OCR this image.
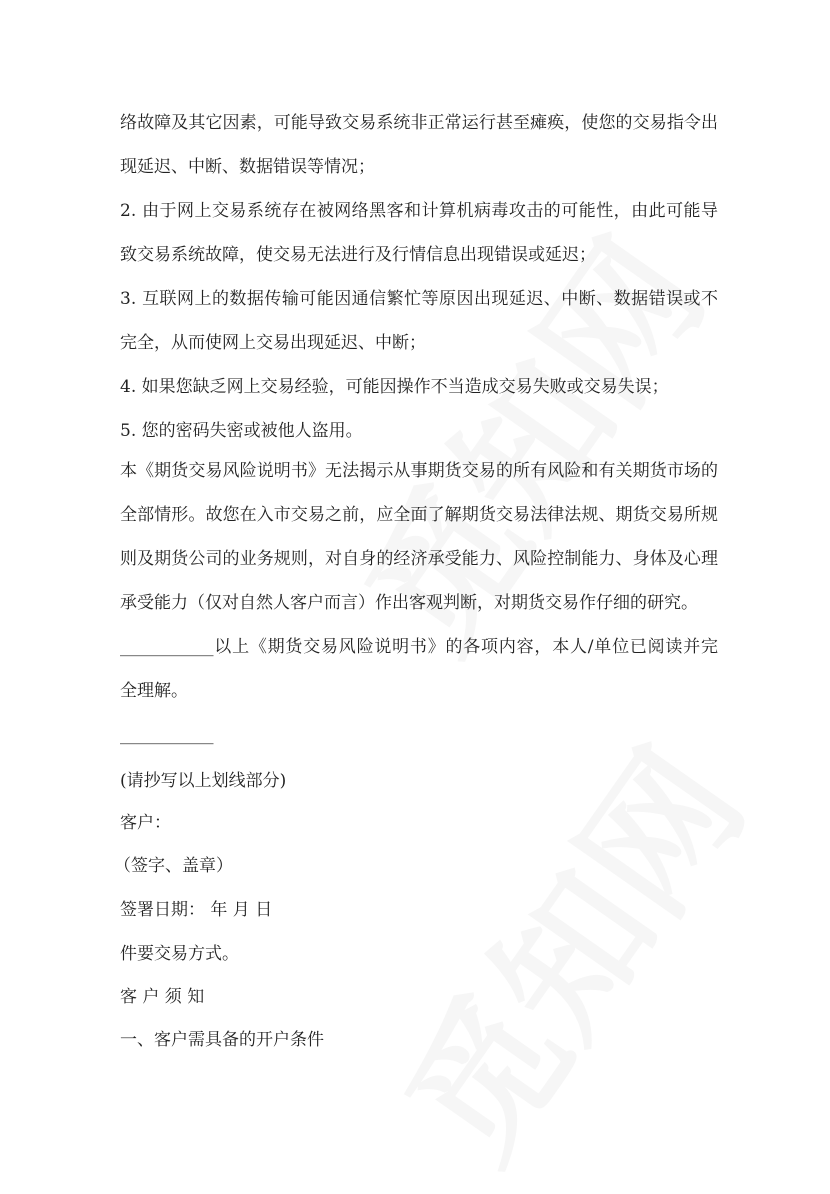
络故障及其它因素，可能导致交易系统非正常运行甚至瘫痪，使您的交易指令出
现延迟、中断、数据错误等情况；
2. 由于网上交易系统存在被网络黑客和计算机病毒攻击的可能性，由此可能导
致交易系统故障，使交易无法进行及行情信息出现错误或延迟；
3. 互联网上的数据传输可能因通信繁忙等原因出现延迟、中断、数据错误或不
完全，从而使网上交易出现延迟、中断；
4. 如果您缺乏网上交易经验，可能因操作不当造成交易失败或交易失误；
5. 您的密码失密或被他人盗用。
本《期货交易风险说明书》无法揭示从事期货交易的所有风险和有关期货市场的
全部情形。故您在入市交易之前，应全面了解期货交易法律法规、期货交易所规
则及期货公司的业务规则，对自身的经济承受能力、风险控制能力、身体及心理
承受能力（仅对自然人客户而言）作出客观判断，对期货交易作仔细的研究。
___________以上《期货交易风险说明书》的各项内容，本人/单位已阅读并完
全理解。
___________
(请抄写以上划线部分)
客户：
（签字、盖章）
签署日期： 年 月 日
件要交易方式。
客 户 须 知
一、客户需具备的开户条件
